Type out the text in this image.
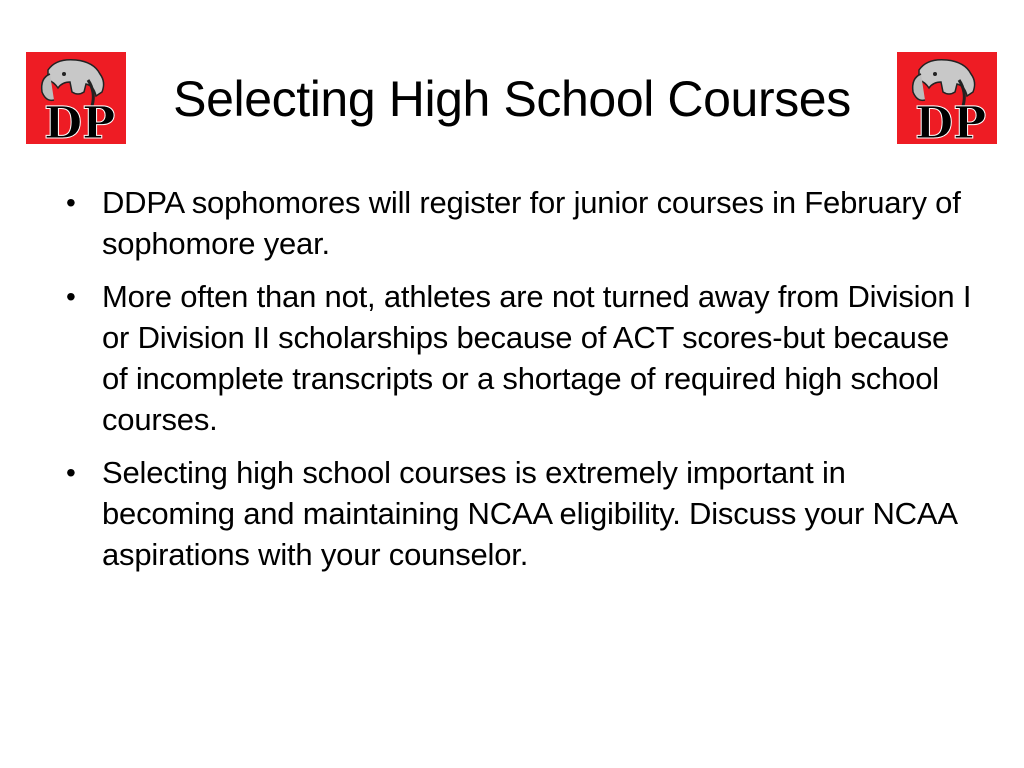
DP	Selecting High School Courses	DP
• DDPA sophomores will register for junior courses in February of sophomore year.
• More often than not, athletes are not turned away from Division I or Division II scholarships because of ACT scores-but because of incomplete transcripts or a shortage of required high school courses.
• Selecting high school courses is extremely important in becoming and maintaining NCAA eligibility. Discuss your NCAA aspirations with your counselor.
